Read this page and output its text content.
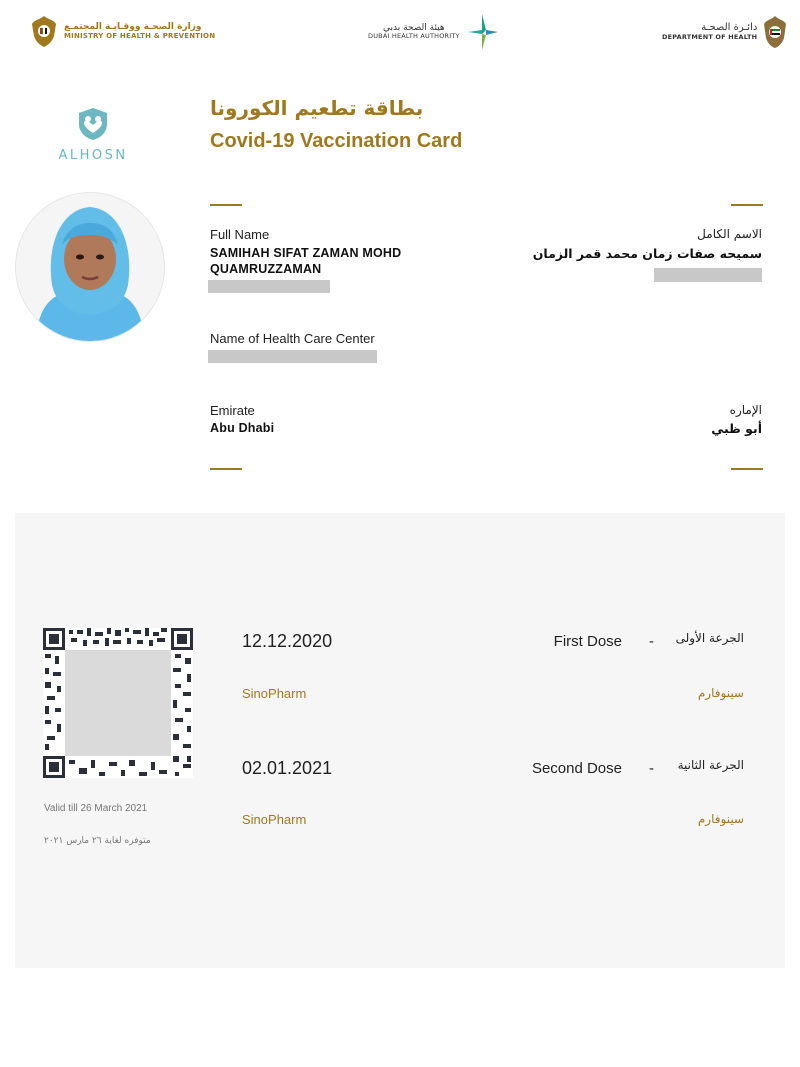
وزارة الصحـة ووقـايـة المجتمـع
MINISTRY OF HEALTH & PREVENTION
هيئة الصحة بدبي
DUBAI HEALTH AUTHORITY
دائـرة الصحـة
DEPARTMENT OF HEALTH
ALHOSN
بطاقة تطعيم الكورونا
Covid-19 Vaccination Card
Full Name	الاسم الكامل
SAMIHAH SIFAT ZAMAN MOHD
QUAMRUZZAMAN
سميحه صفات زمان محمد قمر الزمان
Name of Health Care Center
Emirate	الإماره
Abu Dhabi	أبو ظبي
Valid till 26 March 2021
متوفره لغاية ٢٦ مارس ٢٠٢١
12.12.2020	First Dose - الجرعة الأولى
SinoPharm	سينوفارم
02.01.2021	Second Dose - الجرعة الثانية
SinoPharm	سينوفارم
